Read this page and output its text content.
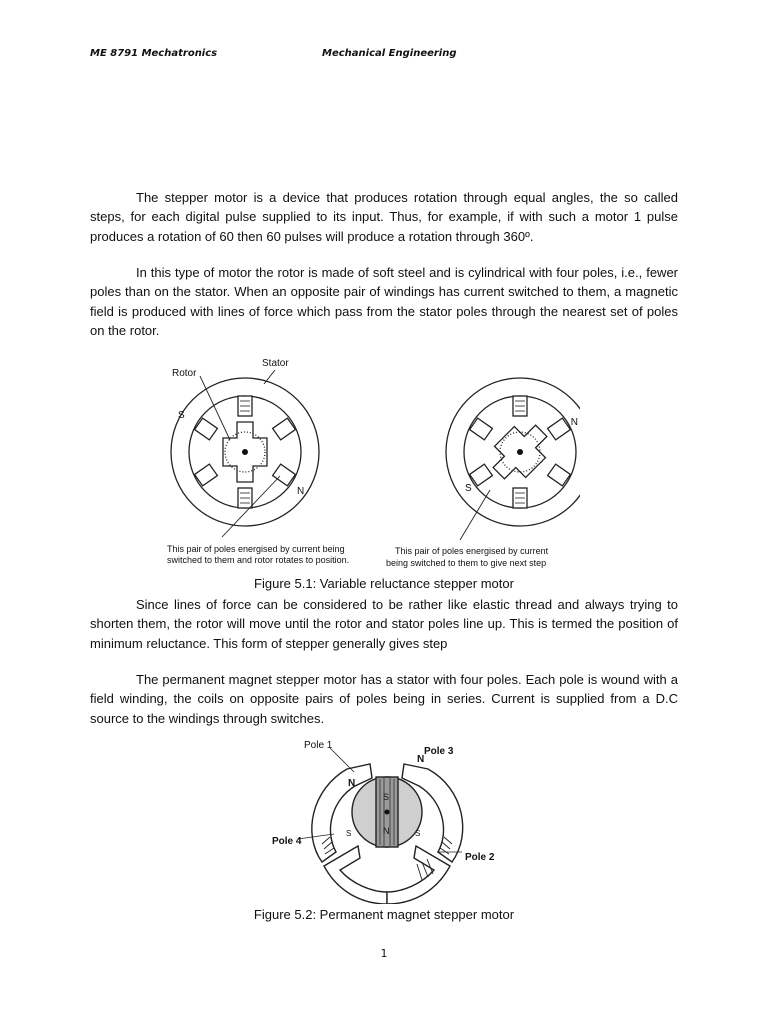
ME 8791 Mechatronics	Mechanical Engineering

The stepper motor is a device that produces rotation through equal angles, the so called steps, for each digital pulse supplied to its input. Thus, for example, if with such a motor 1 pulse produces a rotation of 60 then 60 pulses will produce a rotation through 360º.

In this type of motor the rotor is made of soft steel and is cylindrical with four poles, i.e., fewer poles than on the stator. When an opposite pair of windings has current switched to them, a magnetic field is produced with lines of force which pass from the stator poles through the nearest set of poles on the rotor.

Stator
Rotor
S
N	S
N
This pair of poles energised by current being
switched to them and rotor rotates to position.
This pair of poles energised by current
being switched to them to give next step
Figure 5.1: Variable reluctance stepper motor

Since lines of force can be considered to be rather like elastic thread and always trying to shorten them, the rotor will move until the rotor and stator poles line up. This is termed the position of minimum reluctance. This form of stepper generally gives step

The permanent magnet stepper motor has a stator with four poles. Each pole is wound with a field winding, the coils on opposite pairs of poles being in series. Current is supplied from a D.C source to the windings through switches.

Pole 1
Pole 3
Pole 4
Pole 2
N
N
S	S
S
N
Figure 5.2: Permanent magnet stepper motor
1
